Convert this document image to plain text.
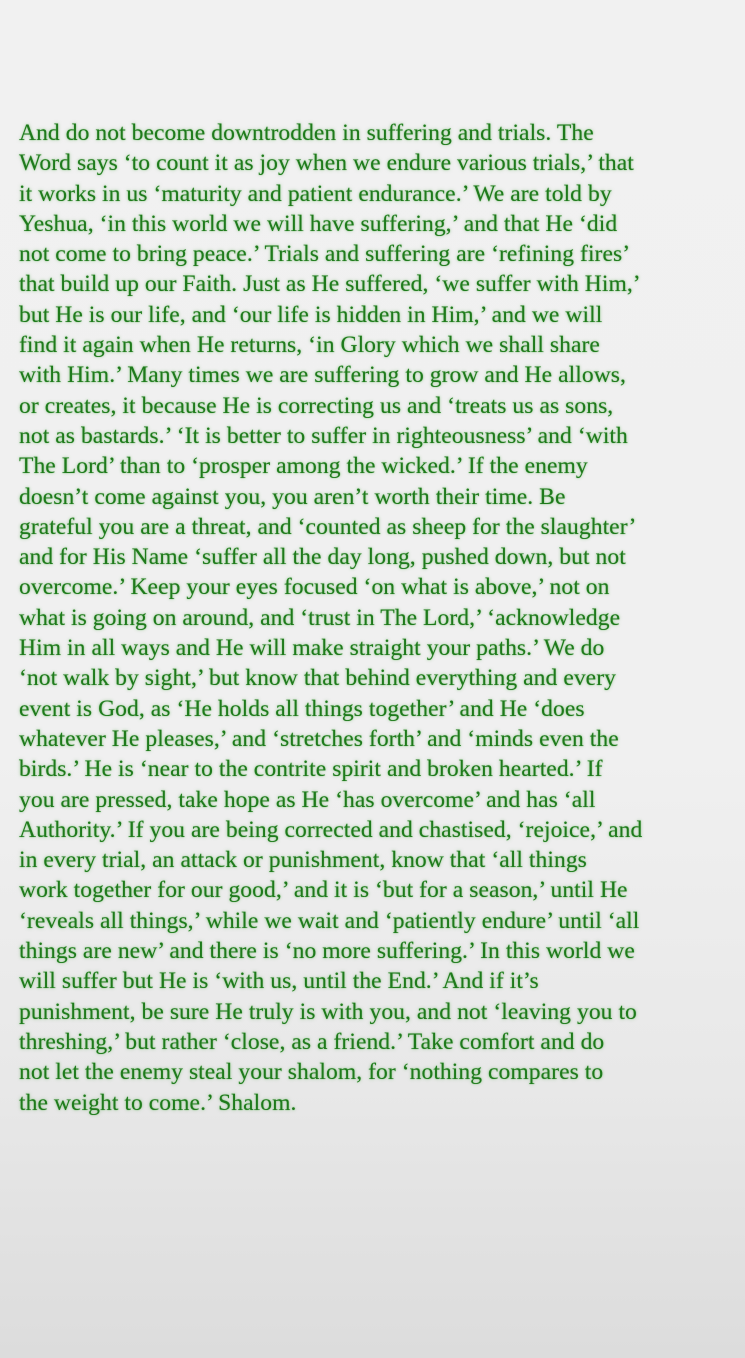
And do not become downtrodden in suffering and trials. The
Word says ‘to count it as joy when we endure various trials,’ that
it works in us ‘maturity and patient endurance.’ We are told by
Yeshua, ‘in this world we will have suffering,’ and that He ‘did
not come to bring peace.’ Trials and suffering are ‘refining fires’
that build up our Faith. Just as He suffered, ‘we suffer with Him,’
but He is our life, and ‘our life is hidden in Him,’ and we will
find it again when He returns, ‘in Glory which we shall share
with Him.’ Many times we are suffering to grow and He allows,
or creates, it because He is correcting us and ‘treats us as sons,
not as bastards.’ ‘It is better to suffer in righteousness’ and ‘with
The Lord’ than to ‘prosper among the wicked.’ If the enemy
doesn’t come against you, you aren’t worth their time. Be
grateful you are a threat, and ‘counted as sheep for the slaughter’
and for His Name ‘suffer all the day long, pushed down, but not
overcome.’ Keep your eyes focused ‘on what is above,’ not on
what is going on around, and ‘trust in The Lord,’ ‘acknowledge
Him in all ways and He will make straight your paths.’ We do
‘not walk by sight,’ but know that behind everything and every
event is God, as ‘He holds all things together’ and He ‘does
whatever He pleases,’ and ‘stretches forth’ and ‘minds even the
birds.’ He is ‘near to the contrite spirit and broken hearted.’ If
you are pressed, take hope as He ‘has overcome’ and has ‘all
Authority.’ If you are being corrected and chastised, ‘rejoice,’ and
in every trial, an attack or punishment, know that ‘all things
work together for our good,’ and it is ‘but for a season,’ until He
‘reveals all things,’ while we wait and ‘patiently endure’ until ‘all
things are new’ and there is ‘no more suffering.’ In this world we
will suffer but He is ‘with us, until the End.’ And if it’s
punishment, be sure He truly is with you, and not ‘leaving you to
threshing,’ but rather ‘close, as a friend.’ Take comfort and do
not let the enemy steal your shalom, for ‘nothing compares to
the weight to come.’ Shalom.
